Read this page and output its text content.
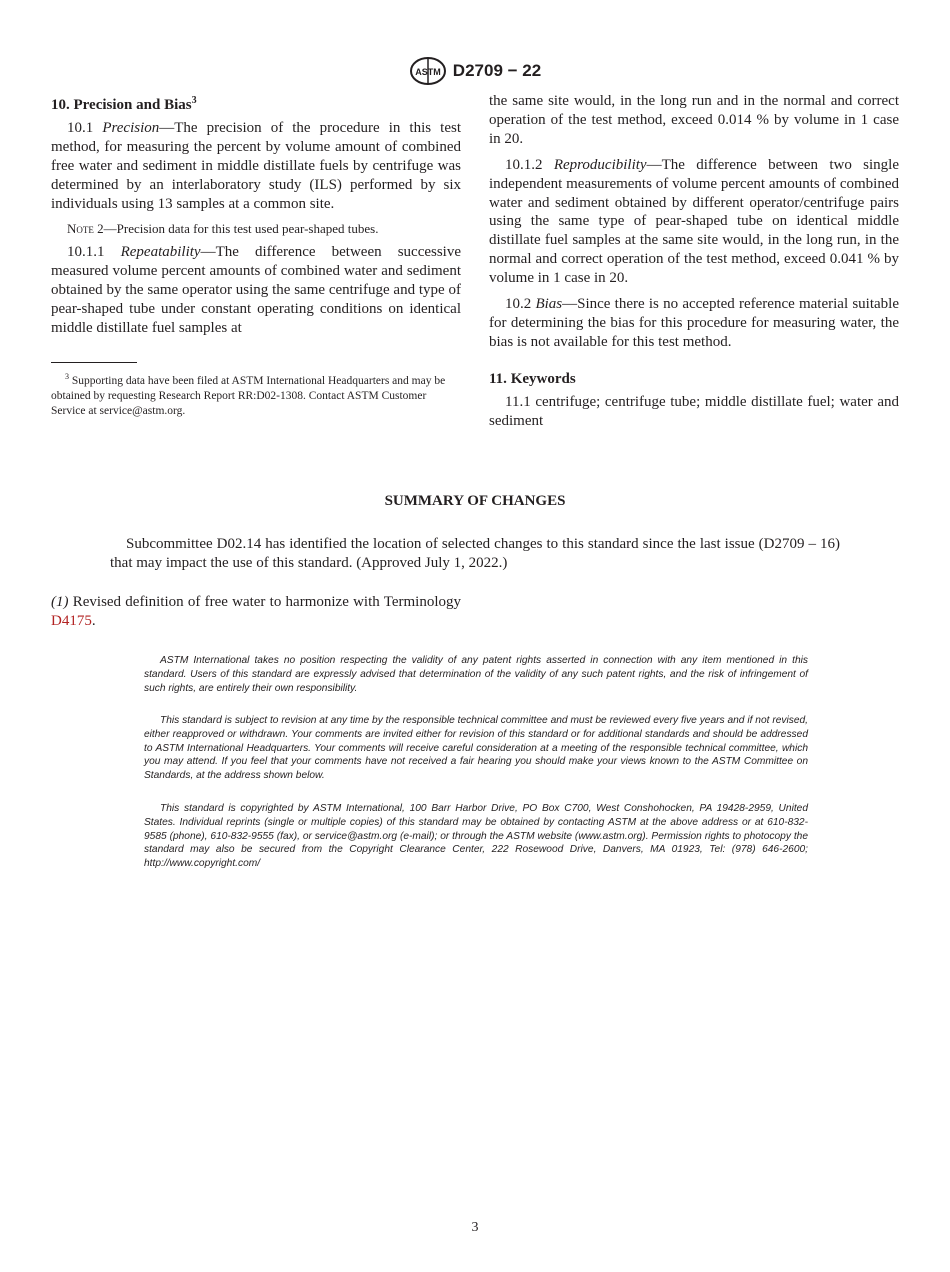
ASTM D2709 − 22
10. Precision and Bias$^3$

10.1 Precision—The precision of the procedure in this test method, for measuring the percent by volume amount of combined free water and sediment in middle distillate fuels by centrifuge was determined by an interlaboratory study (ILS) performed by six individuals using 13 samples at a common site.

Note 2—Precision data for this test used pear-shaped tubes.

10.1.1 Repeatability—The difference between successive measured volume percent amounts of combined water and sediment obtained by the same operator using the same centrifuge and type of pear-shaped tube under constant operating conditions on identical middle distillate fuel samples at

$^3$ Supporting data have been filed at ASTM International Headquarters and may be obtained by requesting Research Report RR:D02-1308. Contact ASTM Customer Service at service@astm.org.

the same site would, in the long run and in the normal and correct operation of the test method, exceed 0.014 % by volume in 1 case in 20.

10.1.2 Reproducibility—The difference between two single independent measurements of volume percent amounts of combined water and sediment obtained by different operator/centrifuge pairs using the same type of pear-shaped tube on identical middle distillate fuel samples at the same site would, in the long run, in the normal and correct operation of the test method, exceed 0.041 % by volume in 1 case in 20.

10.2 Bias—Since there is no accepted reference material suitable for determining the bias for this procedure for measuring water, the bias is not available for this test method.

11. Keywords

11.1 centrifuge; centrifuge tube; middle distillate fuel; water and sediment

SUMMARY OF CHANGES

Subcommittee D02.14 has identified the location of selected changes to this standard since the last issue (D2709 – 16) that may impact the use of this standard. (Approved July 1, 2022.)

(1) Revised definition of free water to harmonize with Terminology D4175.

ASTM International takes no position respecting the validity of any patent rights asserted in connection with any item mentioned in this standard. Users of this standard are expressly advised that determination of the validity of any such patent rights, and the risk of infringement of such rights, are entirely their own responsibility.

This standard is subject to revision at any time by the responsible technical committee and must be reviewed every five years and if not revised, either reapproved or withdrawn. Your comments are invited either for revision of this standard or for additional standards and should be addressed to ASTM International Headquarters. Your comments will receive careful consideration at a meeting of the responsible technical committee, which you may attend. If you feel that your comments have not received a fair hearing you should make your views known to the ASTM Committee on Standards, at the address shown below.

This standard is copyrighted by ASTM International, 100 Barr Harbor Drive, PO Box C700, West Conshohocken, PA 19428-2959, United States. Individual reprints (single or multiple copies) of this standard may be obtained by contacting ASTM at the above address or at 610-832-9585 (phone), 610-832-9555 (fax), or service@astm.org (e-mail); or through the ASTM website (www.astm.org). Permission rights to photocopy the standard may also be secured from the Copyright Clearance Center, 222 Rosewood Drive, Danvers, MA 01923, Tel: (978) 646-2600; http://www.copyright.com/

3
